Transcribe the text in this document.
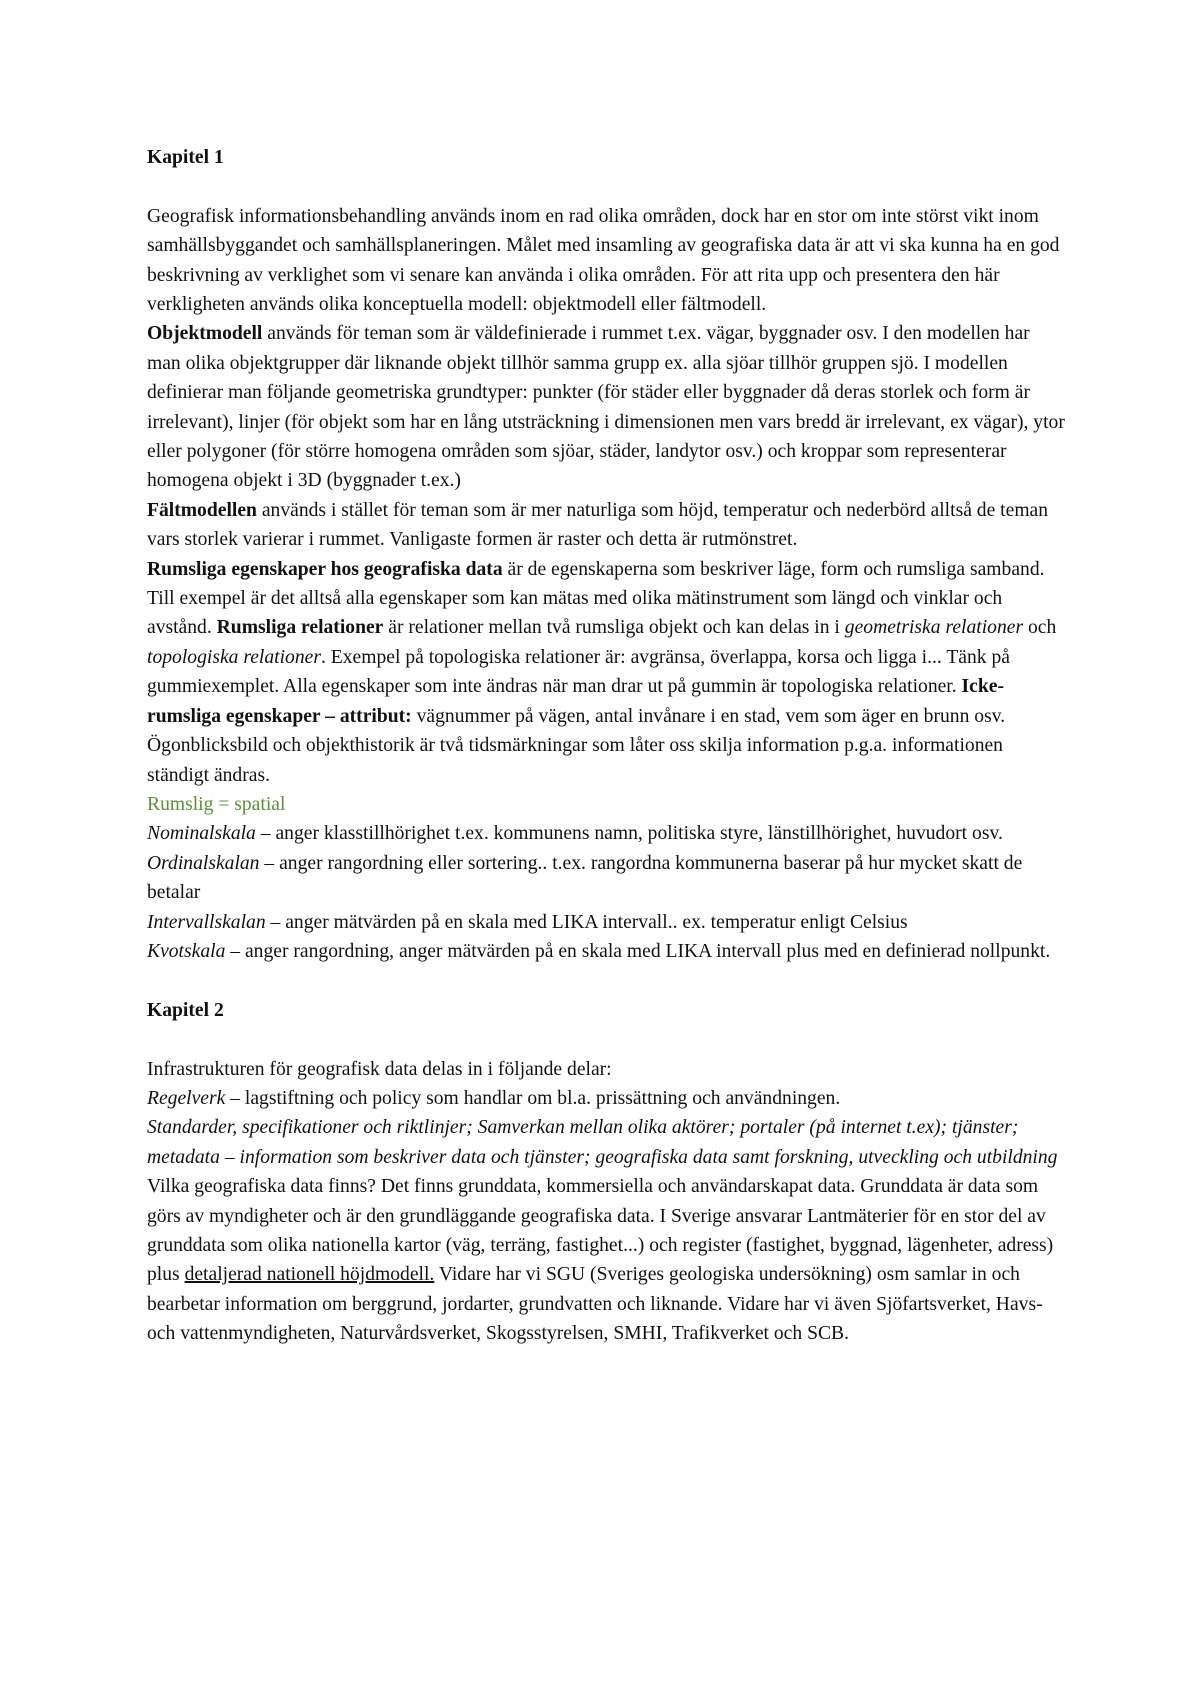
Kapitel 1

Geografisk informationsbehandling används inom en rad olika områden, dock har en stor om inte störst vikt inom samhällsbyggandet och samhällsplaneringen. Målet med insamling av geografiska data är att vi ska kunna ha en god beskrivning av verklighet som vi senare kan använda i olika områden. För att rita upp och presentera den här verkligheten används olika konceptuella modell: objektmodell eller fältmodell.

Objektmodell används för teman som är väldefinierade i rummet t.ex. vägar, byggnader osv. I den modellen har man olika objektgrupper där liknande objekt tillhör samma grupp ex. alla sjöar tillhör gruppen sjö. I modellen definierar man följande geometriska grundtyper: punkter (för städer eller byggnader då deras storlek och form är irrelevant), linjer (för objekt som har en lång utsträckning i dimensionen men vars bredd är irrelevant, ex vägar), ytor eller polygoner (för större homogena områden som sjöar, städer, landytor osv.) och kroppar som representerar homogena objekt i 3D (byggnader t.ex.)

Fältmodellen används i stället för teman som är mer naturliga som höjd, temperatur och nederbörd alltså de teman vars storlek varierar i rummet. Vanligaste formen är raster och detta är rutmönstret.

Rumsliga egenskaper hos geografiska data är de egenskaperna som beskriver läge, form och rumsliga samband. Till exempel är det alltså alla egenskaper som kan mätas med olika mätinstrument som längd och vinklar och avstånd. Rumsliga relationer är relationer mellan två rumsliga objekt och kan delas in i geometriska relationer och topologiska relationer. Exempel på topologiska relationer är: avgränsa, överlappa, korsa och ligga i... Tänk på gummiexemplet. Alla egenskaper som inte ändras när man drar ut på gummin är topologiska relationer. Icke-rumsliga egenskaper – attribut: vägnummer på vägen, antal invånare i en stad, vem som äger en brunn osv. Ögonblicksbild och objekthistorik är två tidsmärkningar som låter oss skilja information p.g.a. informationen ständigt ändras.

Rumslig = spatial

Nominalskala – anger klasstillhörighet t.ex. kommunens namn, politiska styre, länstillhörighet, huvudort osv.

Ordinalskalan – anger rangordning eller sortering.. t.ex. rangordna kommunerna baserar på hur mycket skatt de betalar

Intervallskalan – anger mätvärden på en skala med LIKA intervall.. ex. temperatur enligt Celsius

Kvotskala – anger rangordning, anger mätvärden på en skala med LIKA intervall plus med en definierad nollpunkt.

Kapitel 2

Infrastrukturen för geografisk data delas in i följande delar:

Regelverk – lagstiftning och policy som handlar om bl.a. prissättning och användningen.

Standarder, specifikationer och riktlinjer; Samverkan mellan olika aktörer; portaler (på internet t.ex); tjänster; metadata – information som beskriver data och tjänster; geografiska data samt forskning, utveckling och utbildning

Vilka geografiska data finns? Det finns grunddata, kommersiella och användarskapat data. Grunddata är data som görs av myndigheter och är den grundläggande geografiska data. I Sverige ansvarar Lantmäterier för en stor del av grunddata som olika nationella kartor (väg, terräng, fastighet...) och register (fastighet, byggnad, lägenheter, adress) plus detaljerad nationell höjdmodell. Vidare har vi SGU (Sveriges geologiska undersökning) osm samlar in och bearbetar information om berggrund, jordarter, grundvatten och liknande. Vidare har vi även Sjöfartsverket, Havs- och vattenmyndigheten, Naturvårdsverket, Skogsstyrelsen, SMHI, Trafikverket och SCB.
